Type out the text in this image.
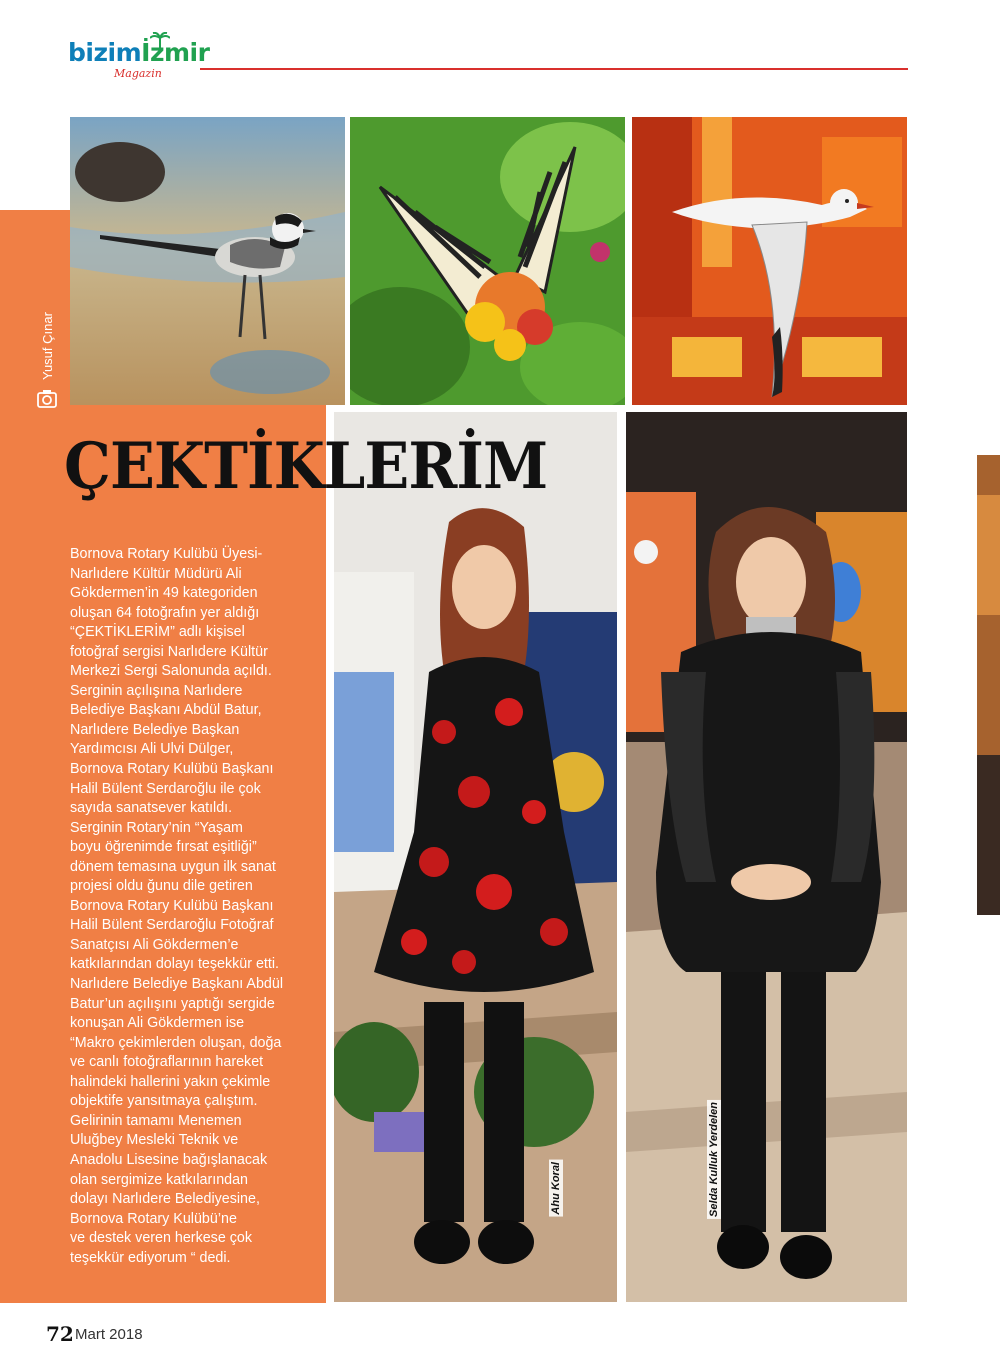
bizimİzmir
Magazin
Yusuf Çınar
Ahu Koral	Selda Kulluk Yerdelen
ÇEKTİKLERİM
Bornova Rotary Kulübü Üyesi-
Narlıdere Kültür Müdürü Ali
Gökdermen’in 49 kategoriden
oluşan 64 fotoğrafın yer aldığı
“ÇEKTİKLERİM” adlı kişisel
fotoğraf sergisi Narlıdere Kültür
Merkezi Sergi Salonunda açıldı.
Serginin açılışına Narlıdere
Belediye Başkanı Abdül Batur,
Narlıdere Belediye Başkan
Yardımcısı Ali Ulvi Dülger,
Bornova Rotary Kulübü Başkanı
Halil Bülent Serdaroğlu ile çok
sayıda sanatsever katıldı.
Serginin Rotary’nin “Yaşam
boyu öğrenimde fırsat eşitliği”
dönem temasına uygun ilk sanat
projesi oldu ğunu dile getiren
Bornova Rotary Kulübü Başkanı
Halil Bülent Serdaroğlu Fotoğraf
Sanatçısı Ali Gökdermen’e
katkılarından dolayı teşekkür etti.
Narlıdere Belediye Başkanı Abdül
Batur’un açılışını yaptığı sergide
konuşan Ali Gökdermen ise
“Makro çekimlerden oluşan, doğa
ve canlı fotoğraflarının hareket
halindeki hallerini yakın çekimle
objektife yansıtmaya çalıştım.
Gelirinin tamamı Menemen
Uluğbey Mesleki Teknik ve
Anadolu Lisesine bağışlanacak
olan sergimize katkılarından
dolayı Narlıdere Belediyesine,
Bornova Rotary Kulübü’ne
ve destek veren herkese çok
teşekkür ediyorum “ dedi.
72 Mart 2018
